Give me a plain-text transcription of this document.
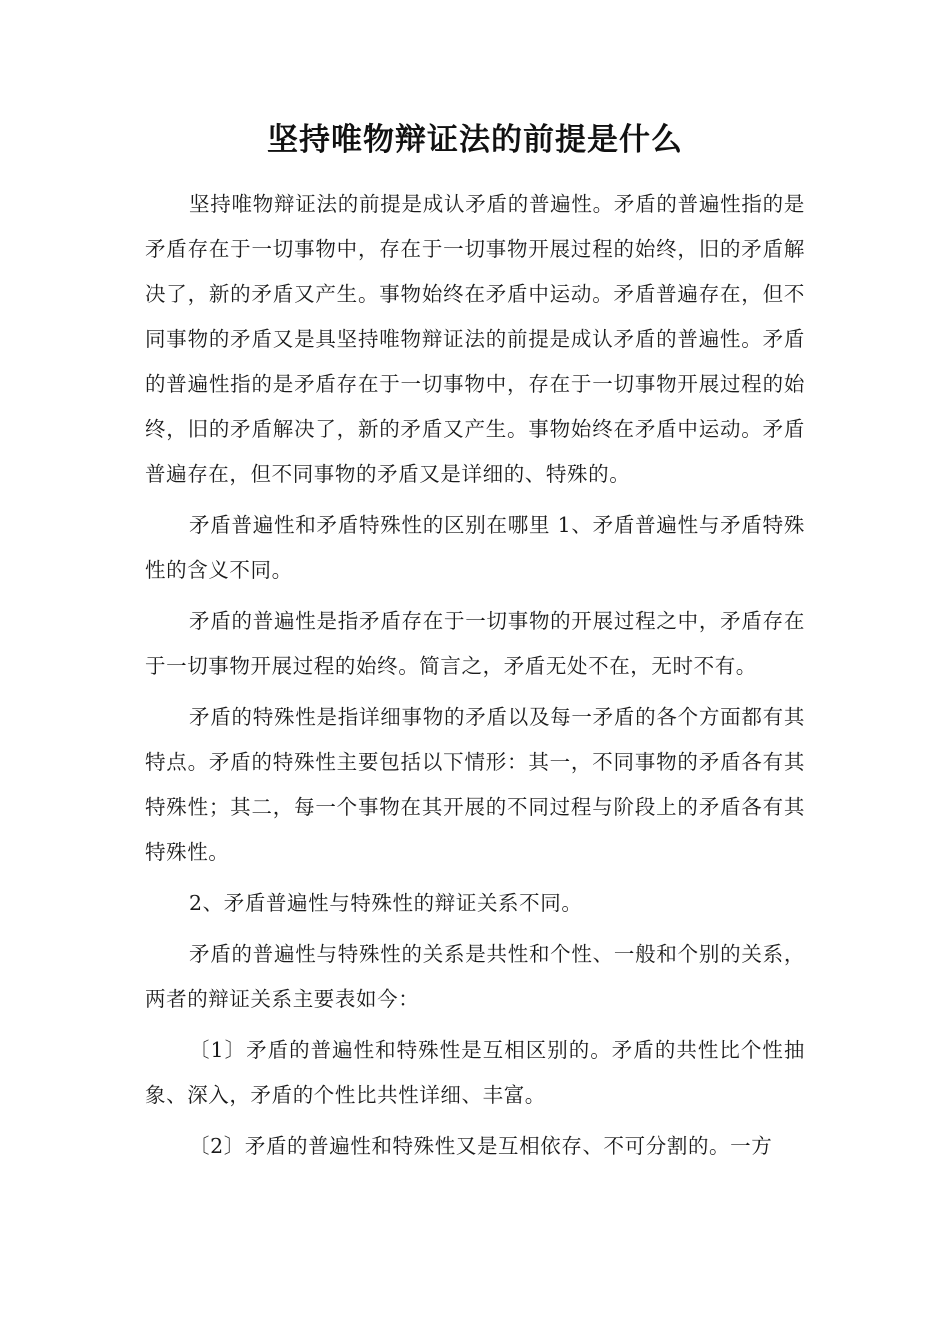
坚持唯物辩证法的前提是什么

坚持唯物辩证法的前提是成认矛盾的普遍性。矛盾的普遍性指的是矛盾存在于一切事物中，存在于一切事物开展过程的始终，旧的矛盾解决了，新的矛盾又产生。事物始终在矛盾中运动。矛盾普遍存在，但不同事物的矛盾又是具坚持唯物辩证法的前提是成认矛盾的普遍性。矛盾的普遍性指的是矛盾存在于一切事物中，存在于一切事物开展过程的始终，旧的矛盾解决了，新的矛盾又产生。事物始终在矛盾中运动。矛盾普遍存在，但不同事物的矛盾又是详细的、特殊的。

矛盾普遍性和矛盾特殊性的区别在哪里 1、矛盾普遍性与矛盾特殊性的含义不同。

矛盾的普遍性是指矛盾存在于一切事物的开展过程之中，矛盾存在于一切事物开展过程的始终。简言之，矛盾无处不在，无时不有。

矛盾的特殊性是指详细事物的矛盾以及每一矛盾的各个方面都有其特点。矛盾的特殊性主要包括以下情形：其一，不同事物的矛盾各有其特殊性；其二，每一个事物在其开展的不同过程与阶段上的矛盾各有其特殊性。

2、矛盾普遍性与特殊性的辩证关系不同。

矛盾的普遍性与特殊性的关系是共性和个性、一般和个别的关系，两者的辩证关系主要表如今：

〔1〕矛盾的普遍性和特殊性是互相区别的。矛盾的共性比个性抽象、深入，矛盾的个性比共性详细、丰富。

〔2〕矛盾的普遍性和特殊性又是互相依存、不可分割的。一方
